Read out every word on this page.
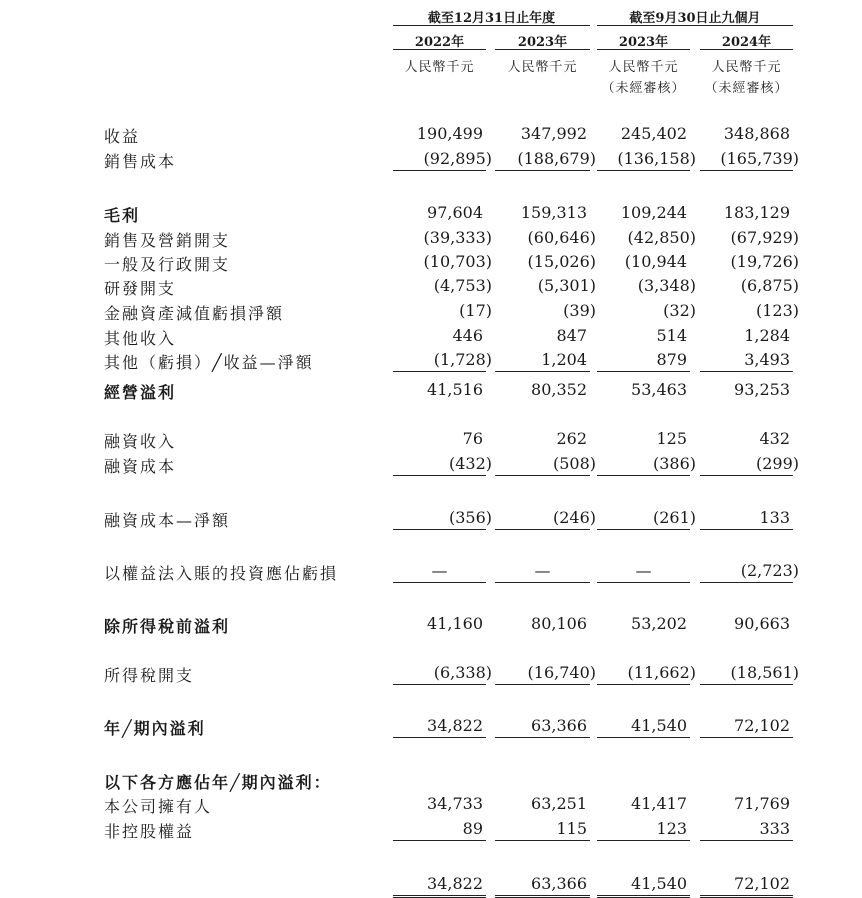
截至12月31日止年度	截至9月30日止九個月
2022年	2023年	2023年	2024年
人民幣千元	人民幣千元	人民幣千元	人民幣千元
（未經審核）	（未經審核）
收益	190,499	347,992	245,402	348,868
銷售成本	(92,895)	(188,679)	(136,158)	(165,739)
毛利	97,604	159,313	109,244	183,129
銷售及營銷開支	(39,333)	(60,646)	(42,850)	(67,929)
一般及行政開支	(10,703)	(15,026)	(10,944	(19,726)
研發開支	(4,753)	(5,301)	(3,348)	(6,875)
金融資產減值虧損淨額	(17)	(39)	(32)	(123)
其他收入	446	847	514	1,284
其他（虧損）╱收益—淨額	(1,728)	1,204	879	3,493
經營溢利	41,516	80,352	53,463	93,253
融資收入	76	262	125	432
融資成本	(432)	(508)	(386)	(299)
融資成本—淨額	(356)	(246)	(261)	133
以權益法入賬的投資應佔虧損	—	—	—	(2,723)
除所得稅前溢利	41,160	80,106	53,202	90,663
所得稅開支	(6,338)	(16,740)	(11,662)	(18,561)
年╱期內溢利	34,822	63,366	41,540	72,102
以下各方應佔年╱期內溢利：
本公司擁有人	34,733	63,251	41,417	71,769
非控股權益	89	115	123	333
34,822	63,366	41,540	72,102
